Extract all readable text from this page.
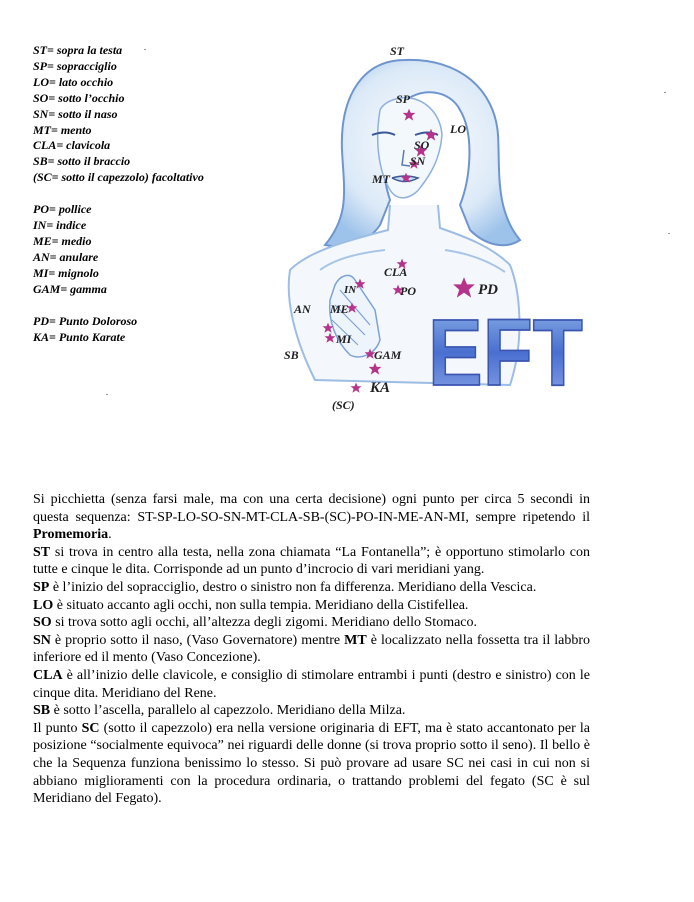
ST= sopra la testa
SP= sopracciglio
LO= lato occhio
SO= sotto l’occhio
SN= sotto il naso
MT= mento
CLA= clavicola
SB= sotto il braccio
(SC= sotto il capezzolo) facoltativo
PO= pollice
IN= indice
ME= medio
AN= anulare
MI= mignolo
GAM= gamma
PD= Punto Doloroso
KA= Punto Karate	EFT
ST
SP
LO
SO
SN
MT
CLA
PD
IN	PO
AN ME
MI
SB	GAM
KA
(SC)

Si picchietta (senza farsi male, ma con una certa decisione) ogni punto per circa 5 secondi in questa sequenza: ST-SP-LO-SO-SN-MT-CLA-SB-(SC)-PO-IN-ME-AN-MI, sempre ripetendo il Promemoria.

ST si trova in centro alla testa, nella zona chiamata “La Fontanella”; è opportuno stimolarlo con tutte e cinque le dita. Corrisponde ad un punto d’incrocio di vari meridiani yang.

SP è l’inizio del sopracciglio, destro o sinistro non fa differenza. Meridiano della Vescica.

LO è situato accanto agli occhi, non sulla tempia. Meridiano della Cistifellea.

SO si trova sotto agli occhi, all’altezza degli zigomi. Meridiano dello Stomaco.

SN è proprio sotto il naso, (Vaso Governatore) mentre MT è localizzato nella fossetta tra il labbro inferiore ed il mento (Vaso Concezione).

CLA è all’inizio delle clavicole, e consiglio di stimolare entrambi i punti (destro e sinistro) con le cinque dita. Meridiano del Rene.

SB è sotto l’ascella, parallelo al capezzolo. Meridiano della Milza.

Il punto SC (sotto il capezzolo) era nella versione originaria di EFT, ma è stato accantonato per la posizione “socialmente equivoca” nei riguardi delle donne (si trova proprio sotto il seno). Il bello è che la Sequenza funziona benissimo lo stesso. Si può provare ad usare SC nei casi in cui non si abbiano miglioramenti con la procedura ordinaria, o trattando problemi del fegato (SC è sul Meridiano del Fegato).
